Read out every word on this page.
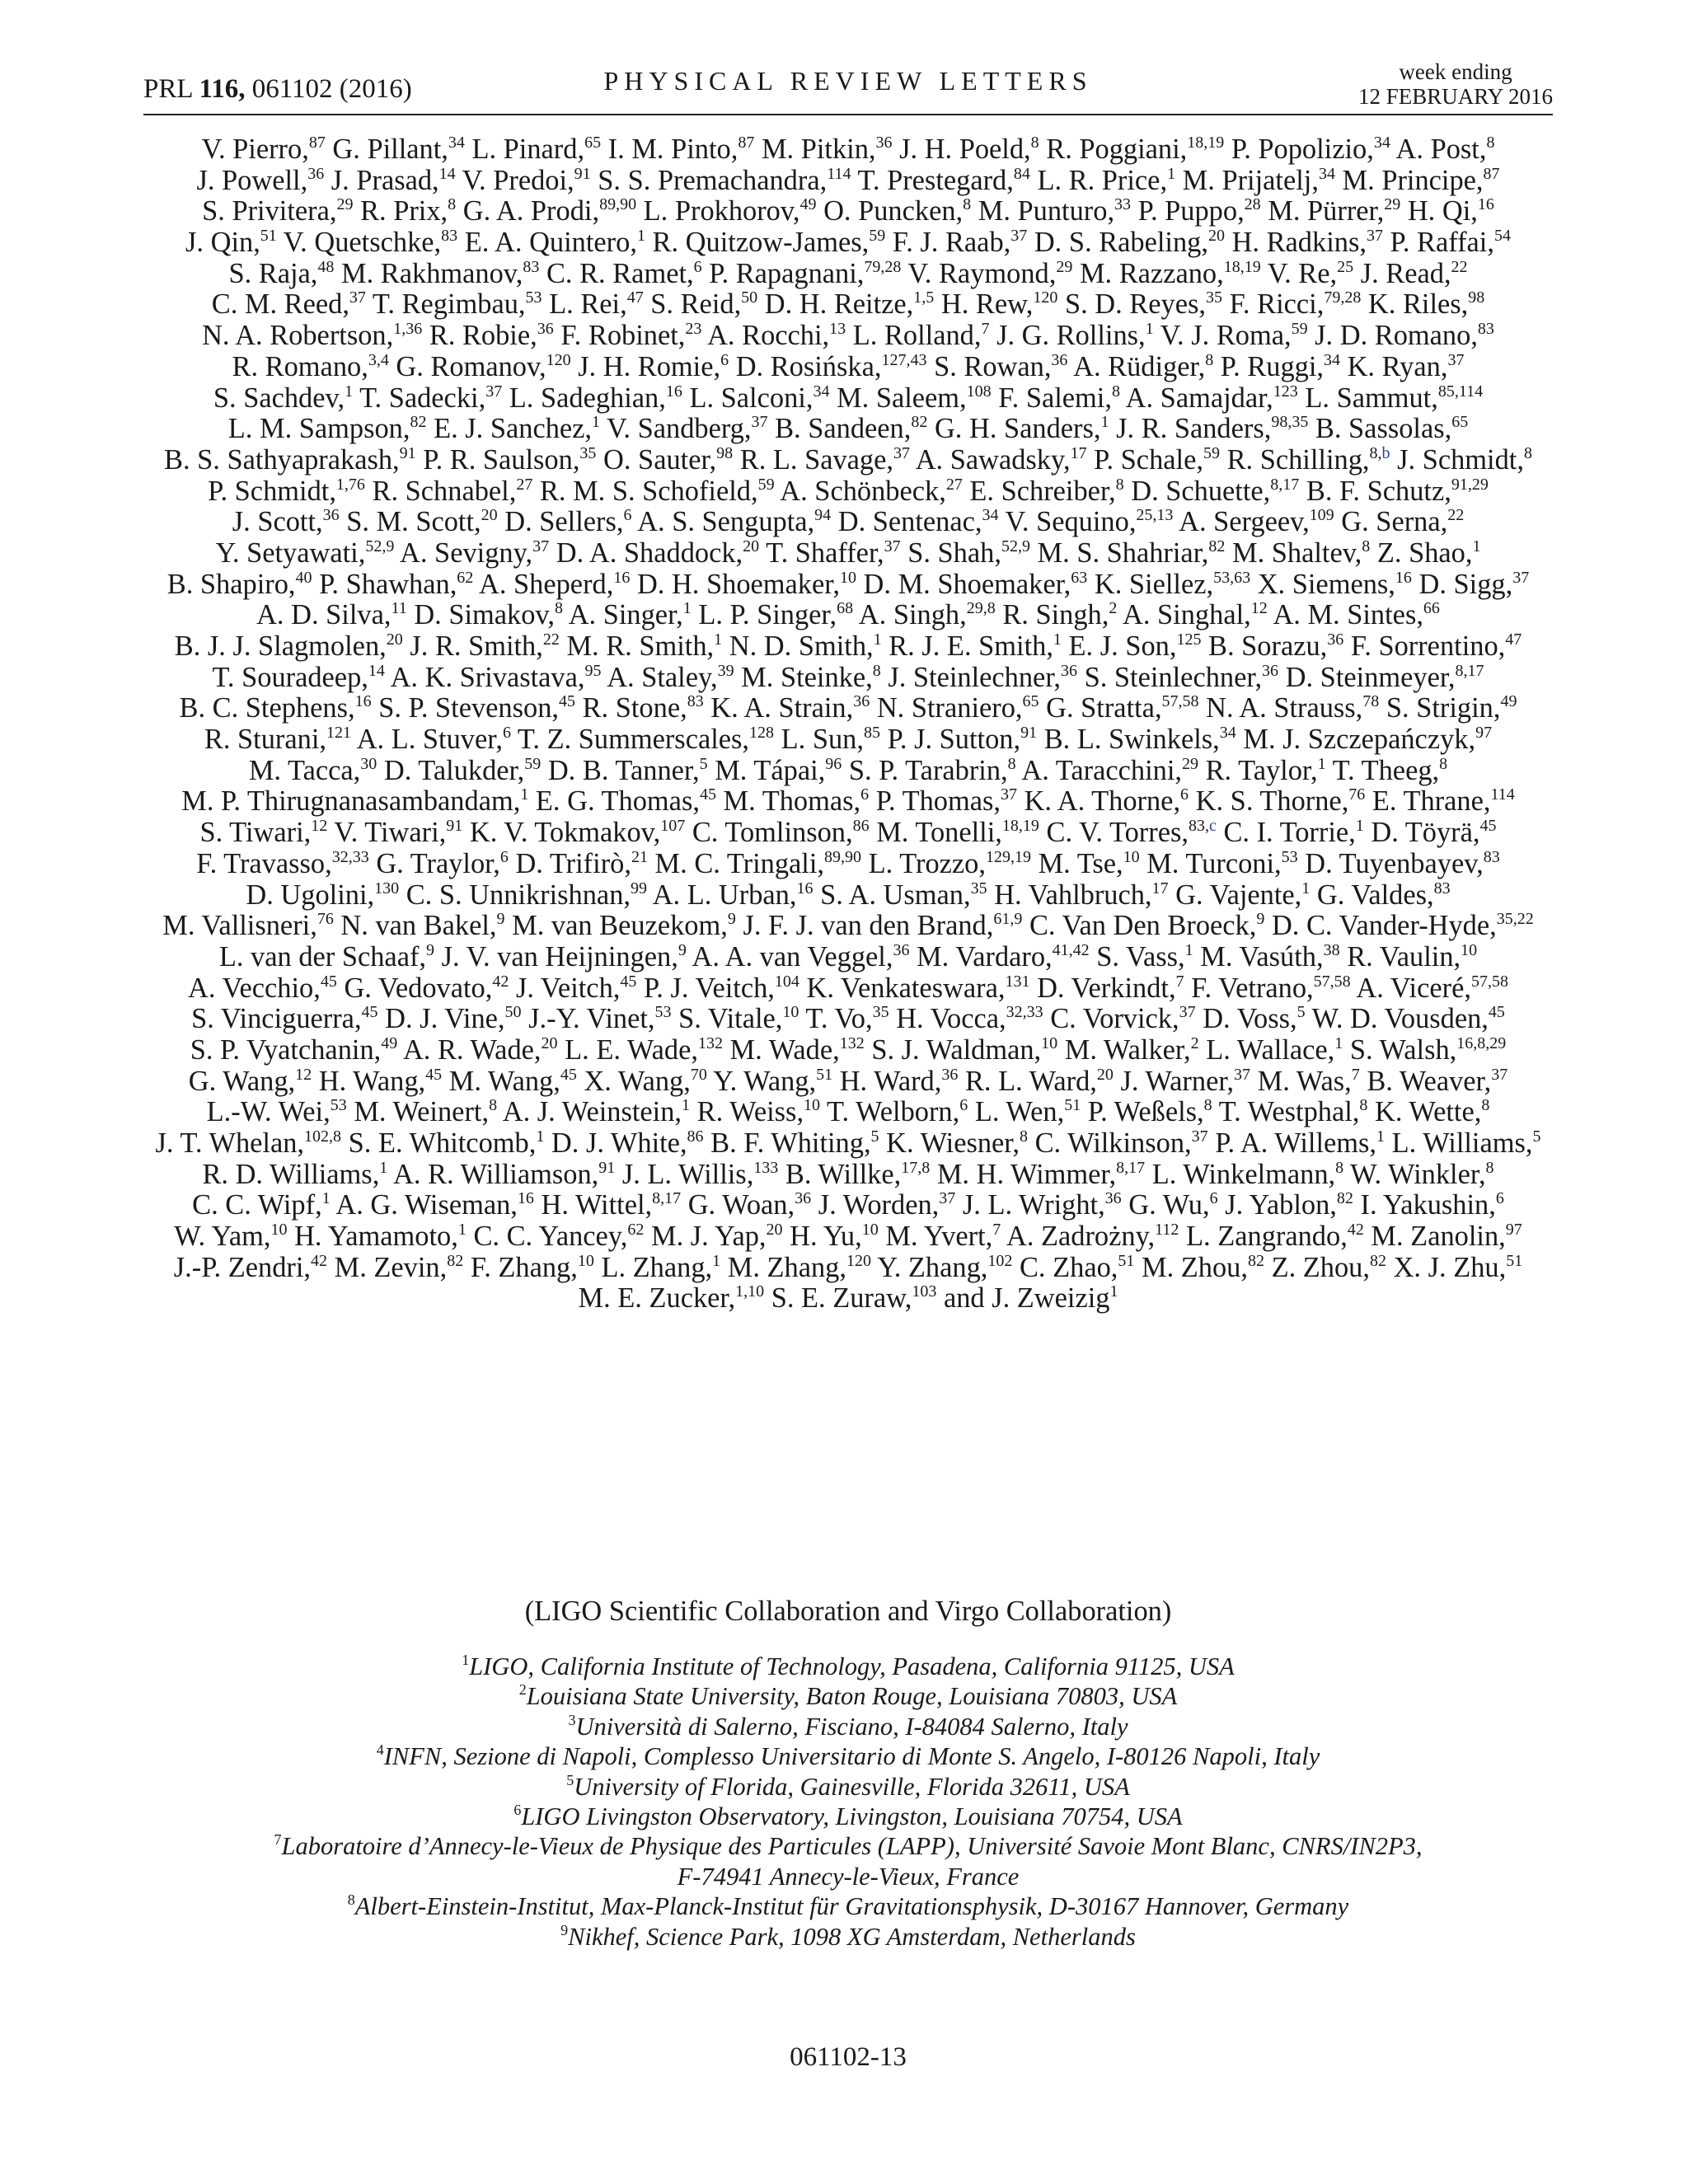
PRL 116, 061102 (2016)	PHYSICAL REVIEW LETTERS	week ending
12 FEBRUARY 2016
V. Pierro,$^{87}$ G. Pillant,$^{34}$ L. Pinard,$^{65}$ I. M. Pinto,$^{87}$ M. Pitkin,$^{36}$ J. H. Poeld,$^8$ R. Poggiani,$^{18,19}$ P. Popolizio,$^{34}$ A. Post,$^8$
J. Powell,$^{36}$ J. Prasad,$^{14}$ V. Predoi,$^{91}$ S. S. Premachandra,$^{114}$ T. Prestegard,$^{84}$ L. R. Price,$^1$ M. Prijatelj,$^{34}$ M. Principe,$^{87}$
S. Privitera,$^{29}$ R. Prix,$^8$ G. A. Prodi,$^{89,90}$ L. Prokhorov,$^{49}$ O. Puncken,$^8$ M. Punturo,$^{33}$ P. Puppo,$^{28}$ M. Pürrer,$^{29}$ H. Qi,$^{16}$
J. Qin,$^{51}$ V. Quetschke,$^{83}$ E. A. Quintero,$^1$ R. Quitzow-James,$^{59}$ F. J. Raab,$^{37}$ D. S. Rabeling,$^{20}$ H. Radkins,$^{37}$ P. Raffai,$^{54}$
S. Raja,$^{48}$ M. Rakhmanov,$^{83}$ C. R. Ramet,$^6$ P. Rapagnani,$^{79,28}$ V. Raymond,$^{29}$ M. Razzano,$^{18,19}$ V. Re,$^{25}$ J. Read,$^{22}$
C. M. Reed,$^{37}$ T. Regimbau,$^{53}$ L. Rei,$^{47}$ S. Reid,$^{50}$ D. H. Reitze,$^{1,5}$ H. Rew,$^{120}$ S. D. Reyes,$^{35}$ F. Ricci,$^{79,28}$ K. Riles,$^{98}$
N. A. Robertson,$^{1,36}$ R. Robie,$^{36}$ F. Robinet,$^{23}$ A. Rocchi,$^{13}$ L. Rolland,$^7$ J. G. Rollins,$^1$ V. J. Roma,$^{59}$ J. D. Romano,$^{83}$
R. Romano,$^{3,4}$ G. Romanov,$^{120}$ J. H. Romie,$^6$ D. Rosińska,$^{127,43}$ S. Rowan,$^{36}$ A. Rüdiger,$^8$ P. Ruggi,$^{34}$ K. Ryan,$^{37}$
S. Sachdev,$^1$ T. Sadecki,$^{37}$ L. Sadeghian,$^{16}$ L. Salconi,$^{34}$ M. Saleem,$^{108}$ F. Salemi,$^8$ A. Samajdar,$^{123}$ L. Sammut,$^{85,114}$
L. M. Sampson,$^{82}$ E. J. Sanchez,$^1$ V. Sandberg,$^{37}$ B. Sandeen,$^{82}$ G. H. Sanders,$^1$ J. R. Sanders,$^{98,35}$ B. Sassolas,$^{65}$
B. S. Sathyaprakash,$^{91}$ P. R. Saulson,$^{35}$ O. Sauter,$^{98}$ R. L. Savage,$^{37}$ A. Sawadsky,$^{17}$ P. Schale,$^{59}$ R. Schilling,$^{8,b}$ J. Schmidt,$^8$
P. Schmidt,$^{1,76}$ R. Schnabel,$^{27}$ R. M. S. Schofield,$^{59}$ A. Schönbeck,$^{27}$ E. Schreiber,$^8$ D. Schuette,$^{8,17}$ B. F. Schutz,$^{91,29}$
J. Scott,$^{36}$ S. M. Scott,$^{20}$ D. Sellers,$^6$ A. S. Sengupta,$^{94}$ D. Sentenac,$^{34}$ V. Sequino,$^{25,13}$ A. Sergeev,$^{109}$ G. Serna,$^{22}$
Y. Setyawati,$^{52,9}$ A. Sevigny,$^{37}$ D. A. Shaddock,$^{20}$ T. Shaffer,$^{37}$ S. Shah,$^{52,9}$ M. S. Shahriar,$^{82}$ M. Shaltev,$^8$ Z. Shao,$^1$
B. Shapiro,$^{40}$ P. Shawhan,$^{62}$ A. Sheperd,$^{16}$ D. H. Shoemaker,$^{10}$ D. M. Shoemaker,$^{63}$ K. Siellez,$^{53,63}$ X. Siemens,$^{16}$ D. Sigg,$^{37}$
A. D. Silva,$^{11}$ D. Simakov,$^8$ A. Singer,$^1$ L. P. Singer,$^{68}$ A. Singh,$^{29,8}$ R. Singh,$^2$ A. Singhal,$^{12}$ A. M. Sintes,$^{66}$
B. J. J. Slagmolen,$^{20}$ J. R. Smith,$^{22}$ M. R. Smith,$^1$ N. D. Smith,$^1$ R. J. E. Smith,$^1$ E. J. Son,$^{125}$ B. Sorazu,$^{36}$ F. Sorrentino,$^{47}$
T. Souradeep,$^{14}$ A. K. Srivastava,$^{95}$ A. Staley,$^{39}$ M. Steinke,$^8$ J. Steinlechner,$^{36}$ S. Steinlechner,$^{36}$ D. Steinmeyer,$^{8,17}$
B. C. Stephens,$^{16}$ S. P. Stevenson,$^{45}$ R. Stone,$^{83}$ K. A. Strain,$^{36}$ N. Straniero,$^{65}$ G. Stratta,$^{57,58}$ N. A. Strauss,$^{78}$ S. Strigin,$^{49}$
R. Sturani,$^{121}$ A. L. Stuver,$^6$ T. Z. Summerscales,$^{128}$ L. Sun,$^{85}$ P. J. Sutton,$^{91}$ B. L. Swinkels,$^{34}$ M. J. Szczepańczyk,$^{97}$
M. Tacca,$^{30}$ D. Talukder,$^{59}$ D. B. Tanner,$^5$ M. Tápai,$^{96}$ S. P. Tarabrin,$^8$ A. Taracchini,$^{29}$ R. Taylor,$^1$ T. Theeg,$^8$
M. P. Thirugnanasambandam,$^1$ E. G. Thomas,$^{45}$ M. Thomas,$^6$ P. Thomas,$^{37}$ K. A. Thorne,$^6$ K. S. Thorne,$^{76}$ E. Thrane,$^{114}$
S. Tiwari,$^{12}$ V. Tiwari,$^{91}$ K. V. Tokmakov,$^{107}$ C. Tomlinson,$^{86}$ M. Tonelli,$^{18,19}$ C. V. Torres,$^{83,c}$ C. I. Torrie,$^1$ D. Töyrä,$^{45}$
F. Travasso,$^{32,33}$ G. Traylor,$^6$ D. Trifirò,$^{21}$ M. C. Tringali,$^{89,90}$ L. Trozzo,$^{129,19}$ M. Tse,$^{10}$ M. Turconi,$^{53}$ D. Tuyenbayev,$^{83}$
D. Ugolini,$^{130}$ C. S. Unnikrishnan,$^{99}$ A. L. Urban,$^{16}$ S. A. Usman,$^{35}$ H. Vahlbruch,$^{17}$ G. Vajente,$^1$ G. Valdes,$^{83}$
M. Vallisneri,$^{76}$ N. van Bakel,$^9$ M. van Beuzekom,$^9$ J. F. J. van den Brand,$^{61,9}$ C. Van Den Broeck,$^9$ D. C. Vander-Hyde,$^{35,22}$
L. van der Schaaf,$^9$ J. V. van Heijningen,$^9$ A. A. van Veggel,$^{36}$ M. Vardaro,$^{41,42}$ S. Vass,$^1$ M. Vasúth,$^{38}$ R. Vaulin,$^{10}$
A. Vecchio,$^{45}$ G. Vedovato,$^{42}$ J. Veitch,$^{45}$ P. J. Veitch,$^{104}$ K. Venkateswara,$^{131}$ D. Verkindt,$^7$ F. Vetrano,$^{57,58}$ A. Viceré,$^{57,58}$
S. Vinciguerra,$^{45}$ D. J. Vine,$^{50}$ J.-Y. Vinet,$^{53}$ S. Vitale,$^{10}$ T. Vo,$^{35}$ H. Vocca,$^{32,33}$ C. Vorvick,$^{37}$ D. Voss,$^5$ W. D. Vousden,$^{45}$
S. P. Vyatchanin,$^{49}$ A. R. Wade,$^{20}$ L. E. Wade,$^{132}$ M. Wade,$^{132}$ S. J. Waldman,$^{10}$ M. Walker,$^2$ L. Wallace,$^1$ S. Walsh,$^{16,8,29}$
G. Wang,$^{12}$ H. Wang,$^{45}$ M. Wang,$^{45}$ X. Wang,$^{70}$ Y. Wang,$^{51}$ H. Ward,$^{36}$ R. L. Ward,$^{20}$ J. Warner,$^{37}$ M. Was,$^7$ B. Weaver,$^{37}$
L.-W. Wei,$^{53}$ M. Weinert,$^8$ A. J. Weinstein,$^1$ R. Weiss,$^{10}$ T. Welborn,$^6$ L. Wen,$^{51}$ P. Weßels,$^8$ T. Westphal,$^8$ K. Wette,$^8$
J. T. Whelan,$^{102,8}$ S. E. Whitcomb,$^1$ D. J. White,$^{86}$ B. F. Whiting,$^5$ K. Wiesner,$^8$ C. Wilkinson,$^{37}$ P. A. Willems,$^1$ L. Williams,$^5$
R. D. Williams,$^1$ A. R. Williamson,$^{91}$ J. L. Willis,$^{133}$ B. Willke,$^{17,8}$ M. H. Wimmer,$^{8,17}$ L. Winkelmann,$^8$ W. Winkler,$^8$
C. C. Wipf,$^1$ A. G. Wiseman,$^{16}$ H. Wittel,$^{8,17}$ G. Woan,$^{36}$ J. Worden,$^{37}$ J. L. Wright,$^{36}$ G. Wu,$^6$ J. Yablon,$^{82}$ I. Yakushin,$^6$
W. Yam,$^{10}$ H. Yamamoto,$^1$ C. C. Yancey,$^{62}$ M. J. Yap,$^{20}$ H. Yu,$^{10}$ M. Yvert,$^7$ A. Zadrożny,$^{112}$ L. Zangrando,$^{42}$ M. Zanolin,$^{97}$
J.-P. Zendri,$^{42}$ M. Zevin,$^{82}$ F. Zhang,$^{10}$ L. Zhang,$^1$ M. Zhang,$^{120}$ Y. Zhang,$^{102}$ C. Zhao,$^{51}$ M. Zhou,$^{82}$ Z. Zhou,$^{82}$ X. J. Zhu,$^{51}$
M. E. Zucker,$^{1,10}$ S. E. Zuraw,$^{103}$ and J. Zweizig$^1$
(LIGO Scientific Collaboration and Virgo Collaboration)
$^1$LIGO, California Institute of Technology, Pasadena, California 91125, USA
$^2$Louisiana State University, Baton Rouge, Louisiana 70803, USA
$^3$Università di Salerno, Fisciano, I-84084 Salerno, Italy
$^4$INFN, Sezione di Napoli, Complesso Universitario di Monte S. Angelo, I-80126 Napoli, Italy
$^5$University of Florida, Gainesville, Florida 32611, USA
$^6$LIGO Livingston Observatory, Livingston, Louisiana 70754, USA
$^7$Laboratoire d’Annecy-le-Vieux de Physique des Particules (LAPP), Université Savoie Mont Blanc, CNRS/IN2P3,
F-74941 Annecy-le-Vieux, France
$^8$Albert-Einstein-Institut, Max-Planck-Institut für Gravitationsphysik, D-30167 Hannover, Germany
$^9$Nikhef, Science Park, 1098 XG Amsterdam, Netherlands
061102-13
